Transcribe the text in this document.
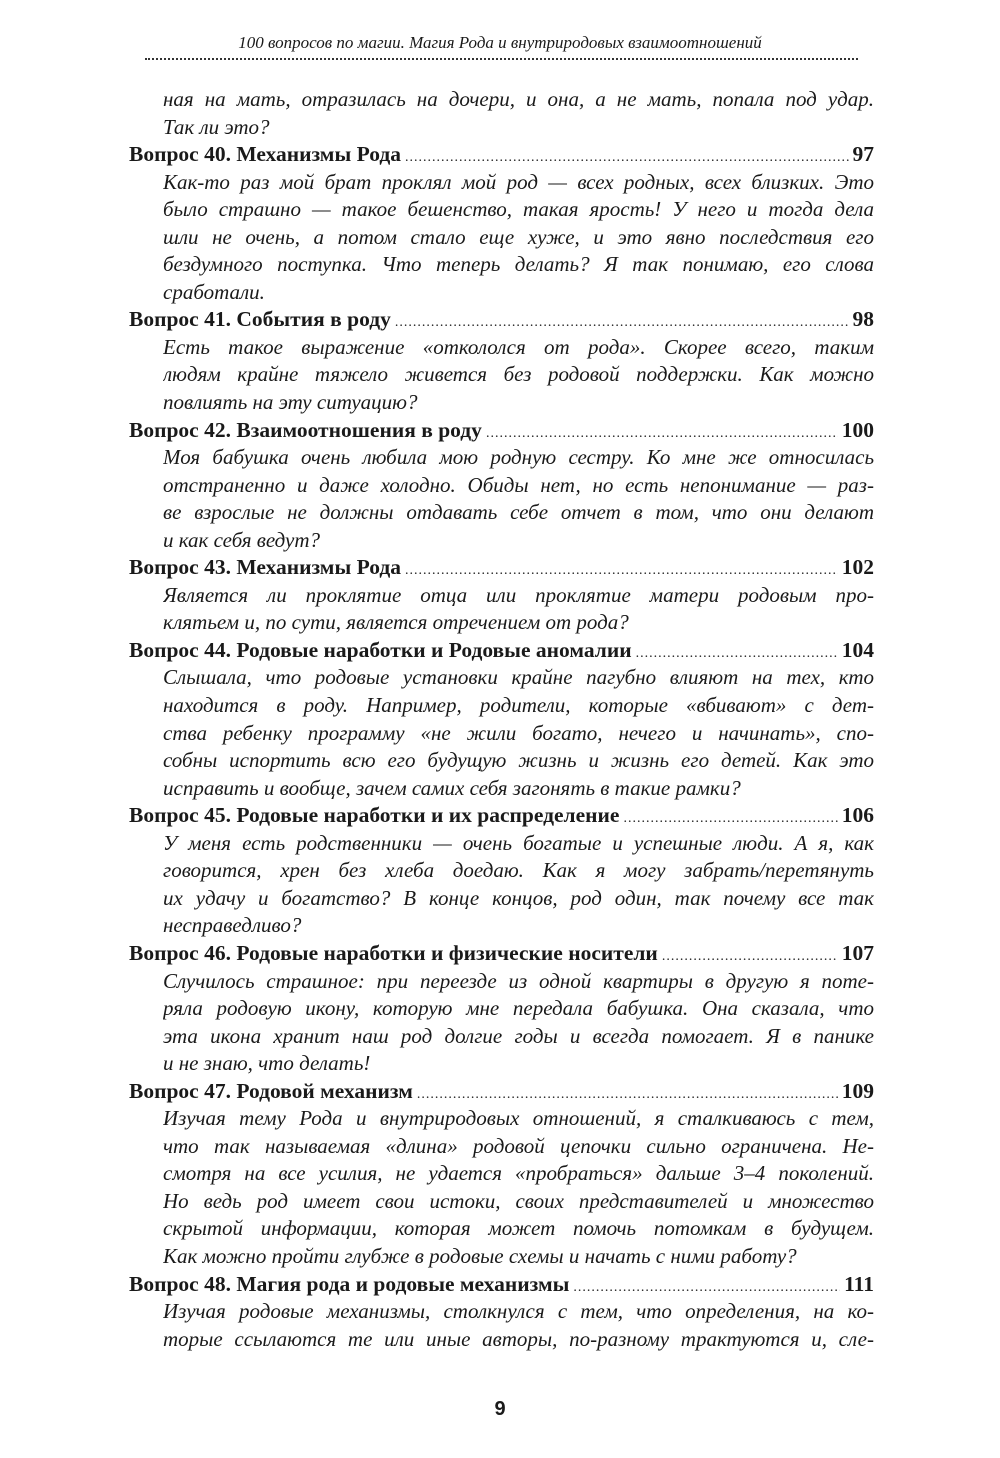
100 вопросов по магии. Магия Рода и внутриродовых взаимоотношений
ная на мать, отразилась на дочери, и она, а не мать, попала под удар.
Так ли это?
Вопрос 40. Механизмы Рода .....	97
Как-то раз мой брат проклял мой род — всех родных, всех близких. Это
было страшно — такое бешенство, такая ярость! У него и тогда дела
шли не очень, а потом стало еще хуже, и это явно последствия его
бездумного поступка. Что теперь делать? Я так понимаю, его слова
сработали.
Вопрос 41. События в роду .....	98
Есть такое выражение «откололся от рода». Скорее всего, таким
людям крайне тяжело живется без родовой поддержки. Как можно
повлиять на эту ситуацию?
Вопрос 42. Взаимоотношения в роду .....	100
Моя бабушка очень любила мою родную сестру. Ко мне же относилась
отстраненно и даже холодно. Обиды нет, но есть непонимание — раз-
ве взрослые не должны отдавать себе отчет в том, что они делают
и как себя ведут?
Вопрос 43. Механизмы Рода .....	102
Является ли проклятие отца или проклятие матери родовым про-
клятьем и, по сути, является отречением от рода?
Вопрос 44. Родовые наработки и Родовые аномалии .....	104
Слышала, что родовые установки крайне пагубно влияют на тех, кто
находится в роду. Например, родители, которые «вбивают» с дет-
ства ребенку программу «не жили богато, нечего и начинать», спо-
собны испортить всю его будущую жизнь и жизнь его детей. Как это
исправить и вообще, зачем самих себя загонять в такие рамки?
Вопрос 45. Родовые наработки и их распределение .....	106
У меня есть родственники — очень богатые и успешные люди. А я, как
говорится, хрен без хлеба доедаю. Как я могу забрать/перетянуть
их удачу и богатство? В конце концов, род один, так почему все так
несправедливо?
Вопрос 46. Родовые наработки и физические носители .....	107
Случилось страшное: при переезде из одной квартиры в другую я поте-
ряла родовую икону, которую мне передала бабушка. Она сказала, что
эта икона хранит наш род долгие годы и всегда помогает. Я в панике
и не знаю, что делать!
Вопрос 47. Родовой механизм .....	109
Изучая тему Рода и внутриродовых отношений, я сталкиваюсь с тем,
что так называемая «длина» родовой цепочки сильно ограничена. Не-
смотря на все усилия, не удается «пробраться» дальше 3–4 поколений.
Но ведь род имеет свои истоки, своих представителей и множество
скрытой информации, которая может помочь потомкам в будущем.
Как можно пройти глубже в родовые схемы и начать с ними работу?
Вопрос 48. Магия рода и родовые механизмы .....	111
Изучая родовые механизмы, столкнулся с тем, что определения, на ко-
торые ссылаются те или иные авторы, по-разному трактуются и, сле-
9
